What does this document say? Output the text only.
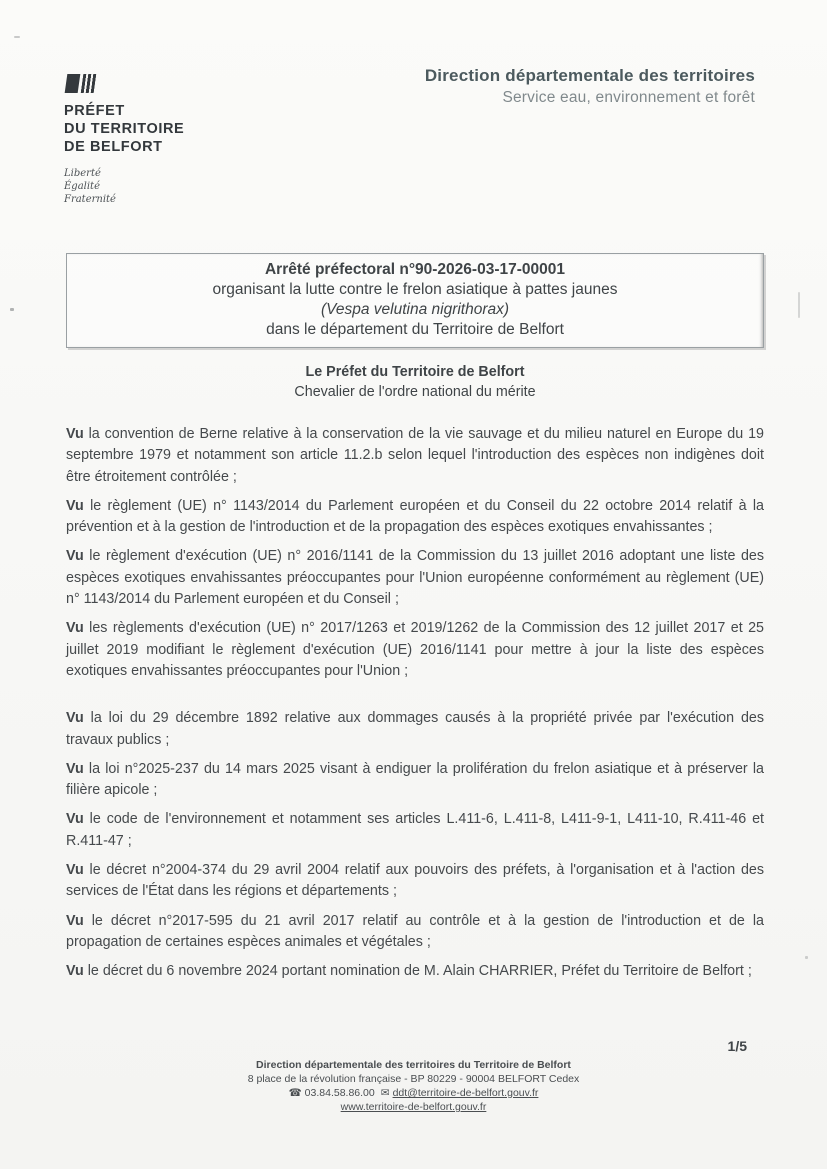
PRÉFET
DU TERRITOIRE
DE BELFORT
Liberté
Égalité
Fraternité
Direction départementale des territoires
Service eau, environnement et forêt
Arrêté préfectoral n°90-2026-03-17-00001
organisant la lutte contre le frelon asiatique à pattes jaunes
(Vespa velutina nigrithorax)
dans le département du Territoire de Belfort
Le Préfet du Territoire de Belfort
Chevalier de l'ordre national du mérite

Vu la convention de Berne relative à la conservation de la vie sauvage et du milieu naturel en Europe du 19 septembre 1979 et notamment son article 11.2.b selon lequel l'introduction des espèces non indigènes doit être étroitement contrôlée ;

Vu le règlement (UE) n° 1143/2014 du Parlement européen et du Conseil du 22 octobre 2014 relatif à la prévention et à la gestion de l'introduction et de la propagation des espèces exotiques envahissantes ;

Vu le règlement d'exécution (UE) n° 2016/1141 de la Commission du 13 juillet 2016 adoptant une liste des espèces exotiques envahissantes préoccupantes pour l'Union européenne conformément au règlement (UE) n° 1143/2014 du Parlement européen et du Conseil ;

Vu les règlements d'exécution (UE) n° 2017/1263 et 2019/1262 de la Commission des 12 juillet 2017 et 25 juillet 2019 modifiant le règlement d'exécution (UE) 2016/1141 pour mettre à jour la liste des espèces exotiques envahissantes préoccupantes pour l'Union ;

Vu la loi du 29 décembre 1892 relative aux dommages causés à la propriété privée par l'exécution des travaux publics ;

Vu la loi n°2025-237 du 14 mars 2025 visant à endiguer la prolifération du frelon asiatique et à préserver la filière apicole ;

Vu le code de l'environnement et notamment ses articles L.411-6, L.411-8, L411-9-1, L411-10, R.411-46 et R.411-47 ;

Vu le décret n°2004-374 du 29 avril 2004 relatif aux pouvoirs des préfets, à l'organisation et à l'action des services de l'État dans les régions et départements ;

Vu le décret n°2017-595 du 21 avril 2017 relatif au contrôle et à la gestion de l'introduction et de la propagation de certaines espèces animales et végétales ;

Vu le décret du 6 novembre 2024 portant nomination de M. Alain CHARRIER, Préfet du Territoire de Belfort ;

1/5
Direction départementale des territoires du Territoire de Belfort
8 place de la révolution française - BP 80229 - 90004 BELFORT Cedex
☎ 03.84.58.86.00 ✉ ddt@territoire-de-belfort.gouv.fr
www.territoire-de-belfort.gouv.fr
